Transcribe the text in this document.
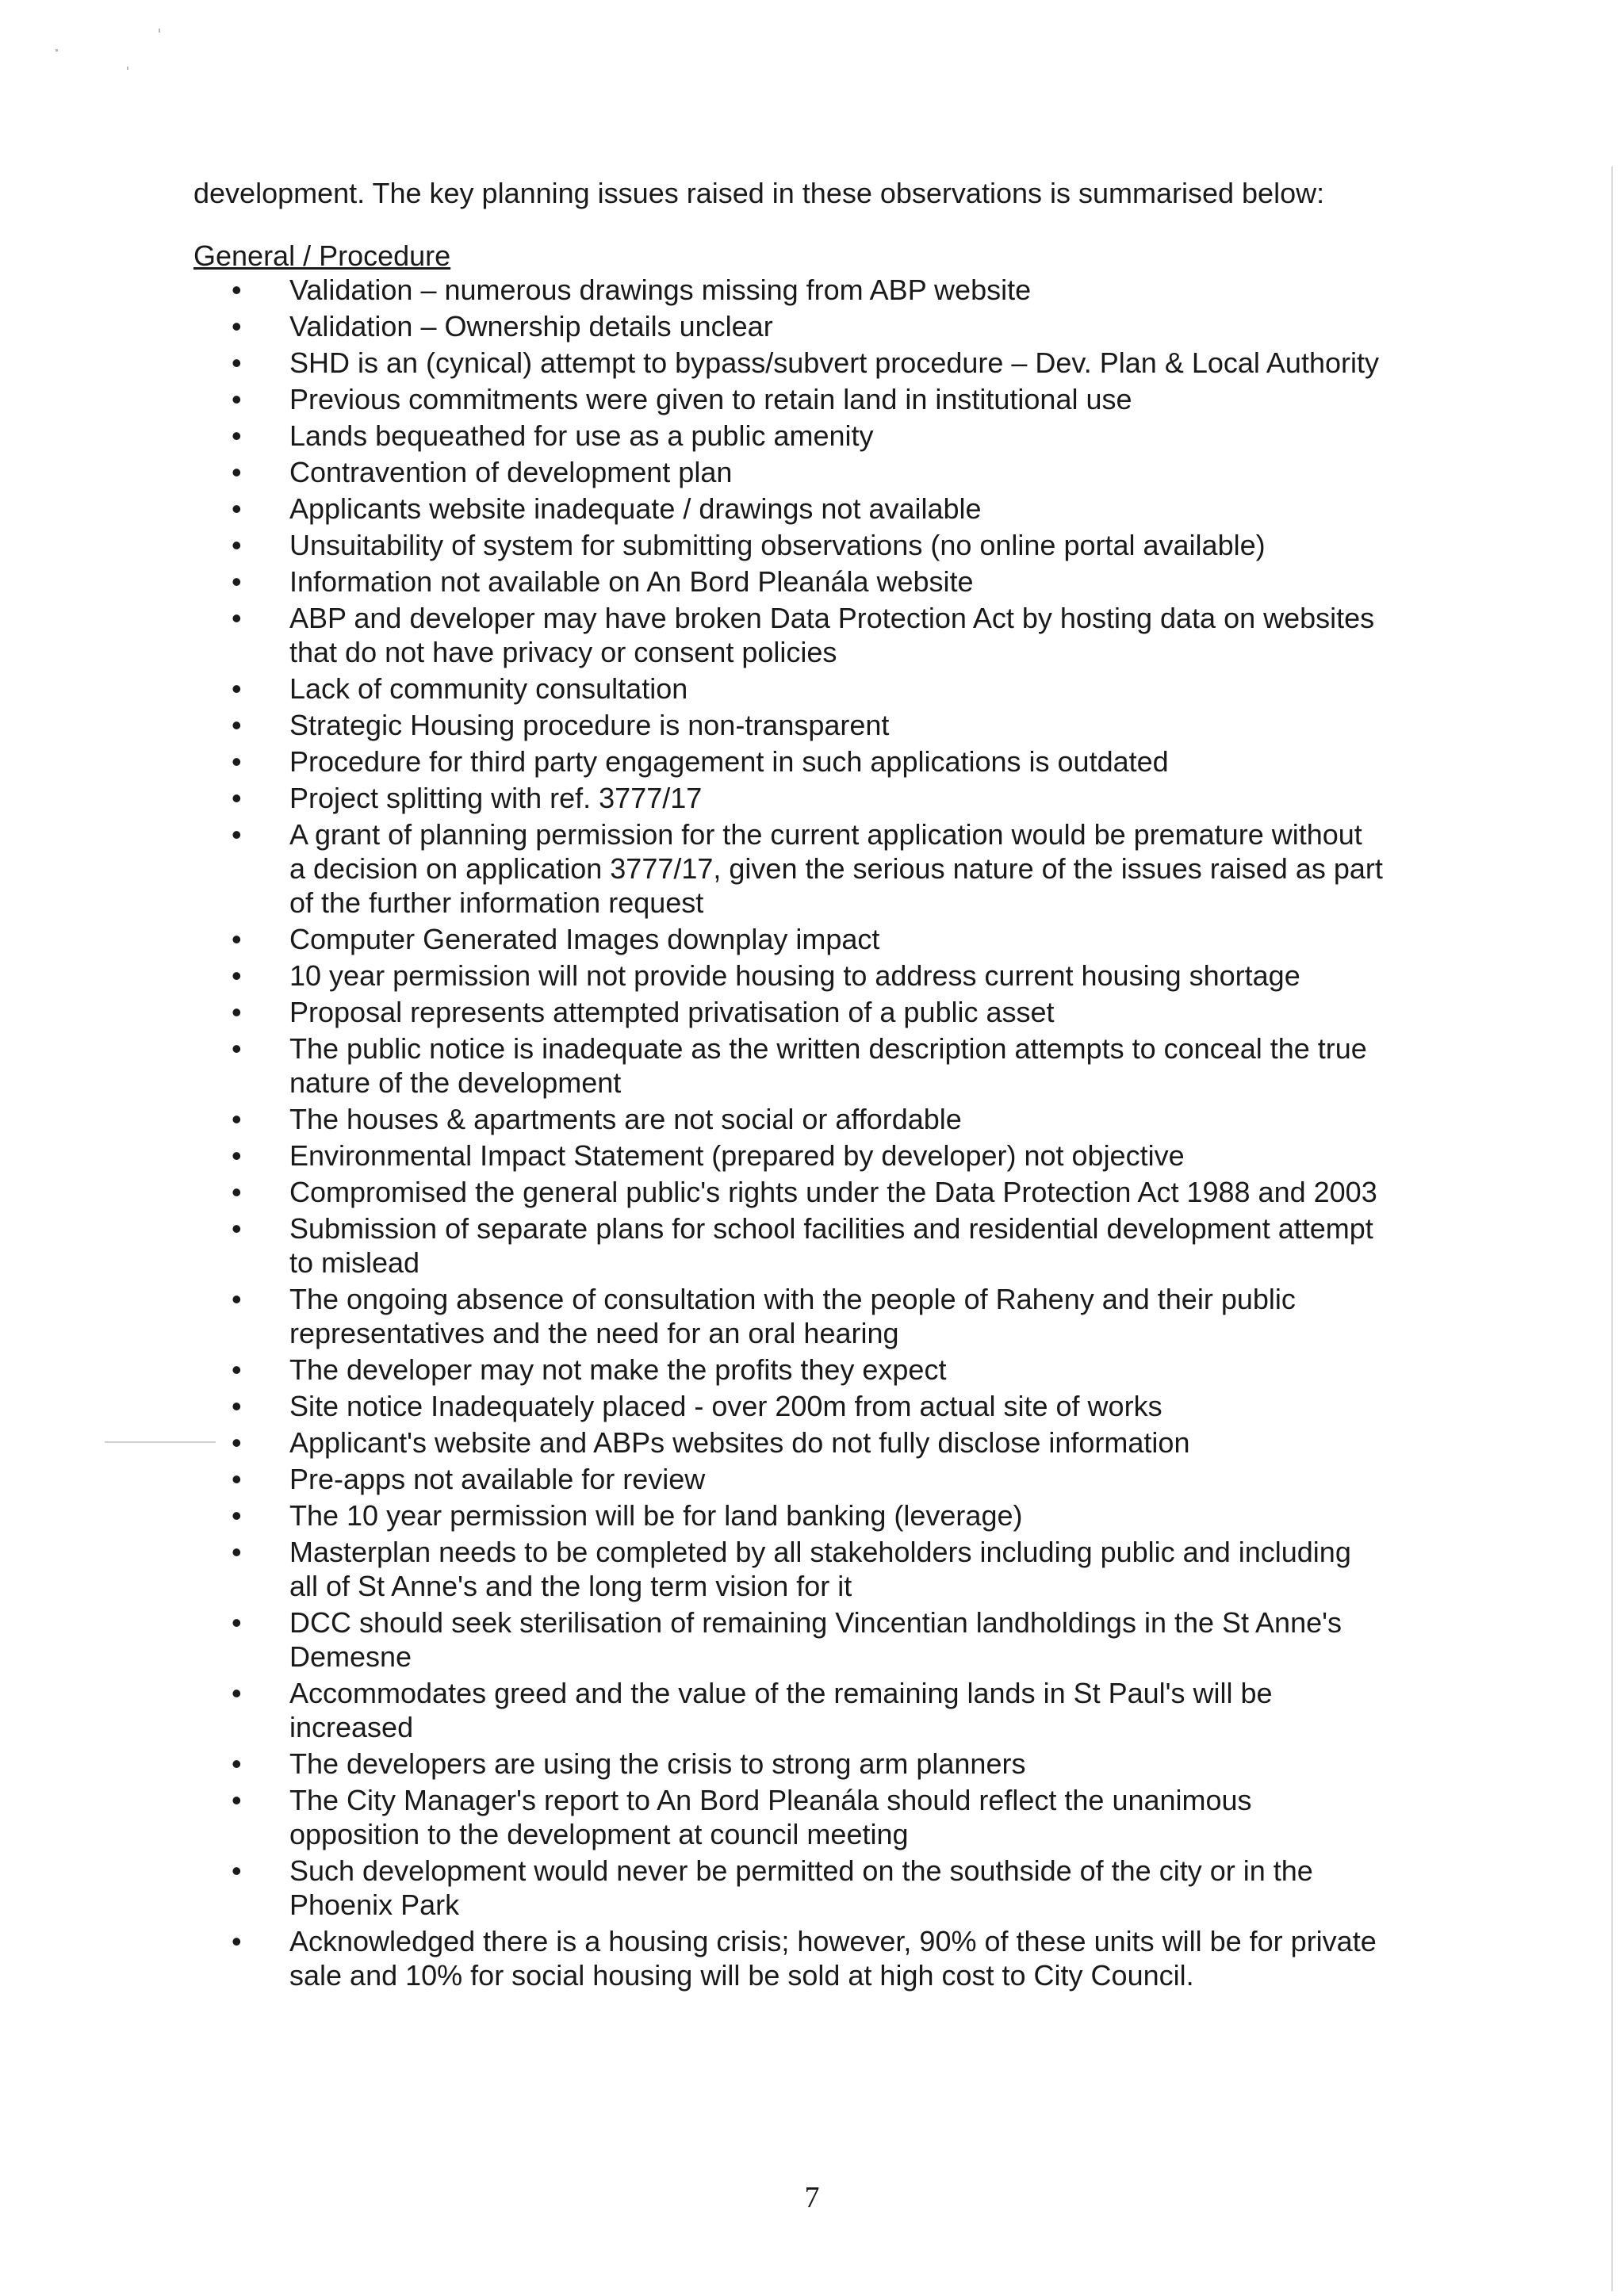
development. The key planning issues raised in these observations is summarised below:

General / Procedure

• Validation – numerous drawings missing from ABP website
• Validation – Ownership details unclear
• SHD is an (cynical) attempt to bypass/subvert procedure – Dev. Plan & Local Authority
• Previous commitments were given to retain land in institutional use
• Lands bequeathed for use as a public amenity
• Contravention of development plan
• Applicants website inadequate / drawings not available
• Unsuitability of system for submitting observations (no online portal available)
• Information not available on An Bord Pleanála website
• ABP and developer may have broken Data Protection Act by hosting data on websites that do not have privacy or consent policies
• Lack of community consultation
• Strategic Housing procedure is non-transparent
• Procedure for third party engagement in such applications is outdated
• Project splitting with ref. 3777/17
• A grant of planning permission for the current application would be premature without a decision on application 3777/17, given the serious nature of the issues raised as part of the further information request
• Computer Generated Images downplay impact
• 10 year permission will not provide housing to address current housing shortage
• Proposal represents attempted privatisation of a public asset
• The public notice is inadequate as the written description attempts to conceal the true nature of the development
• The houses & apartments are not social or affordable
• Environmental Impact Statement (prepared by developer) not objective
• Compromised the general public's rights under the Data Protection Act 1988 and 2003
• Submission of separate plans for school facilities and residential development attempt to mislead
• The ongoing absence of consultation with the people of Raheny and their public representatives and the need for an oral hearing
• The developer may not make the profits they expect
• Site notice Inadequately placed - over 200m from actual site of works
• Applicant's website and ABPs websites do not fully disclose information
• Pre-apps not available for review
• The 10 year permission will be for land banking (leverage)
• Masterplan needs to be completed by all stakeholders including public and including all of St Anne's and the long term vision for it
• DCC should seek sterilisation of remaining Vincentian landholdings in the St Anne's Demesne
• Accommodates greed and the value of the remaining lands in St Paul's will be increased
• The developers are using the crisis to strong arm planners
• The City Manager's report to An Bord Pleanála should reflect the unanimous opposition to the development at council meeting
• Such development would never be permitted on the southside of the city or in the Phoenix Park
• Acknowledged there is a housing crisis; however, 90% of these units will be for private sale and 10% for social housing will be sold at high cost to City Council.
7
